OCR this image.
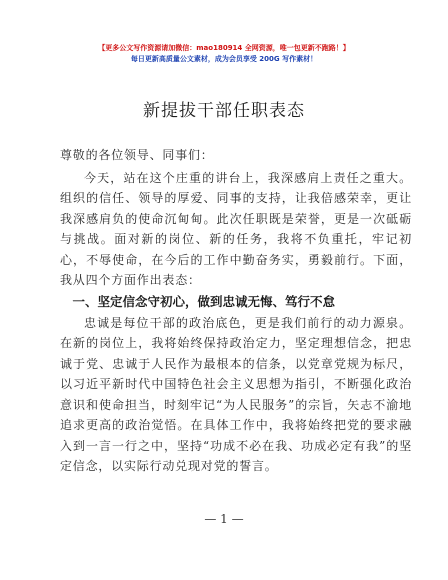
【更多公文写作资源请加微信：mao180914 全网资源，唯一包更新不跑路！】
每日更新高质量公文素材，成为会员享受 200G 写作素材！
新提拔干部任职表态

尊敬的各位领导、同事们：

今天，站在这个庄重的讲台上，我深感肩上责任之重大。组织的信任、领导的厚爱、同事的支持，让我倍感荣幸，更让我深感肩负的使命沉甸甸。此次任职既是荣誉，更是一次砥砺与挑战。面对新的岗位、新的任务，我将不负重托，牢记初心，不辱使命，在今后的工作中勤奋务实，勇毅前行。下面，我从四个方面作出表态：

一、坚定信念守初心，做到忠诚无悔、笃行不怠

忠诚是每位干部的政治底色，更是我们前行的动力源泉。在新的岗位上，我将始终保持政治定力，坚定理想信念，把忠诚于党、忠诚于人民作为最根本的信条，以党章党规为标尺，以习近平新时代中国特色社会主义思想为指引，不断强化政治意识和使命担当，时刻牢记“为人民服务”的宗旨，矢志不渝地追求更高的政治觉悟。在具体工作中，我将始终把党的要求融入到一言一行之中，坚持“功成不必在我、功成必定有我”的坚定信念，以实际行动兑现对党的誓言。

— 1 —
